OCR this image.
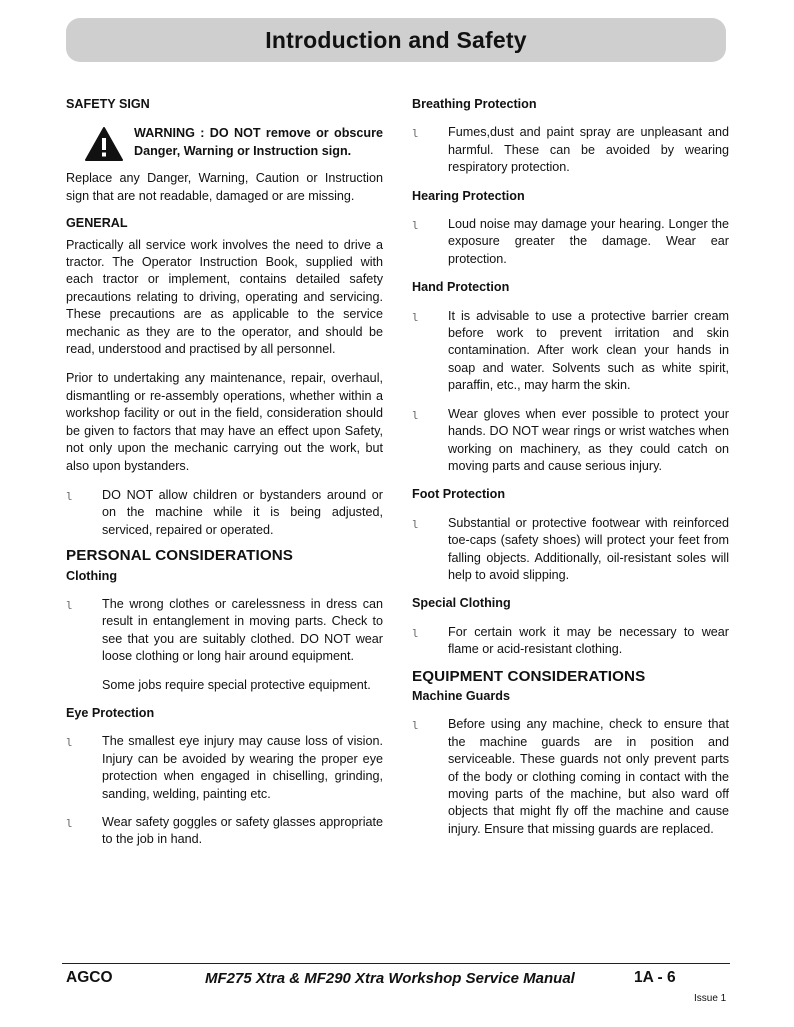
Introduction and Safety
SAFETY SIGN
WARNING : DO NOT remove or obscure Danger, Warning or Instruction sign.

Replace any Danger, Warning, Caution or Instruction sign that are not readable, damaged or are missing.

GENERAL

Practically all service work involves the need to drive a tractor. The Operator Instruction Book, supplied with each tractor or implement, contains detailed safety precautions relating to driving, operating and servicing. These precautions are as applicable to the service mechanic as they are to the operator, and should be read, understood and practised by all personnel.

Prior to undertaking any maintenance, repair, overhaul, dismantling or re-assembly operations, whether within a workshop facility or out in the field, consideration should be given to factors that may have an effect upon Safety, not only upon the mechanic carrying out the work, but also upon bystanders.

l	DO NOT allow children or bystanders around or on the machine while it is being adjusted, serviced, repaired or operated.
PERSONAL CONSIDERATIONS
Clothing
l	The wrong clothes or carelessness in dress can result in entanglement in moving parts. Check to see that you are suitably clothed. DO NOT wear loose clothing or long hair around equipment.

Some jobs require special protective equipment.

Eye Protection
l	The smallest eye injury may cause loss of vision. Injury can be avoided by wearing the proper eye protection when engaged in chiselling, grinding, sanding, welding, painting etc.
l	Wear safety goggles or safety glasses appropriate to the job in hand.
Breathing Protection
l	Fumes,dust and paint spray are unpleasant and harmful. These can be avoided by wearing respiratory protection.
Hearing Protection
l	Loud noise may damage your hearing. Longer the exposure greater the damage. Wear ear protection.
Hand Protection
l	It is advisable to use a protective barrier cream before work to prevent irritation and skin contamination. After work clean your hands in soap and water. Solvents such as white spirit, paraffin, etc., may harm the skin.
l	Wear gloves when ever possible to protect your hands. DO NOT wear rings or wrist watches when working on machinery, as they could catch on moving parts and cause serious injury.
Foot Protection
l	Substantial or protective footwear with reinforced toe-caps (safety shoes) will protect your feet from falling objects. Additionally, oil-resistant soles will help to avoid slipping.
Special Clothing
l	For certain work it may be necessary to wear flame or acid-resistant clothing.
EQUIPMENT CONSIDERATIONS
Machine Guards
l	Before using any machine, check to ensure that the machine guards are in position and serviceable. These guards not only prevent parts of the body or clothing coming in contact with the moving parts of the machine, but also ward off objects that might fly off the machine and cause injury. Ensure that missing guards are replaced.
AGCO	MF275 Xtra & MF290 Xtra Workshop Service Manual	1A - 6
Issue 1
